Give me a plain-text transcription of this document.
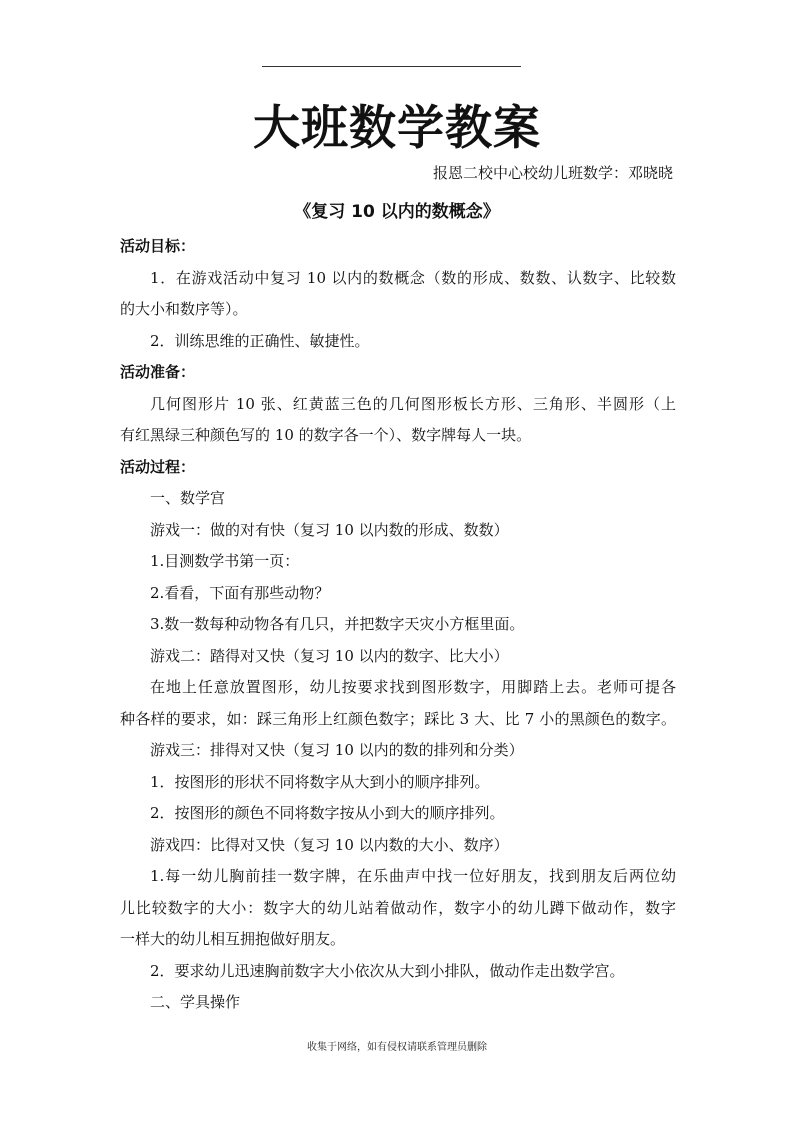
大班数学教案
报恩二校中心校幼儿班数学：邓晓晓
《复习 10 以内的数概念》

活动目标：

1．在游戏活动中复习 10 以内的数概念（数的形成、数数、认数字、比较数

的大小和数序等）。

2．训练思维的正确性、敏捷性。

活动准备：

几何图形片 10 张、红黄蓝三色的几何图形板长方形、三角形、半圆形（上

有红黑绿三种颜色写的 10 的数字各一个）、数字牌每人一块。

活动过程：

一、数学宫

游戏一：做的对有快（复习 10 以内数的形成、数数）

1.目测数学书第一页：

2.看看，下面有那些动物？

3.数一数每种动物各有几只，并把数字天灾小方框里面。

游戏二：踏得对又快（复习 10 以内的数字、比大小）

在地上任意放置图形，幼儿按要求找到图形数字，用脚踏上去。老师可提各

种各样的要求，如：踩三角形上红颜色数字；踩比 3 大、比 7 小的黑颜色的数字。

游戏三：排得对又快（复习 10 以内的数的排列和分类）

1．按图形的形状不同将数字从大到小的顺序排列。

2．按图形的颜色不同将数字按从小到大的顺序排列。

游戏四：比得对又快（复习 10 以内数的大小、数序）

1.每一幼儿胸前挂一数字牌，在乐曲声中找一位好朋友，找到朋友后两位幼

儿比较数字的大小：数字大的幼儿站着做动作，数字小的幼儿蹲下做动作，数字

一样大的幼儿相互拥抱做好朋友。

2．要求幼儿迅速胸前数字大小依次从大到小排队，做动作走出数学宫。

二、学具操作

收集于网络，如有侵权请联系管理员删除
